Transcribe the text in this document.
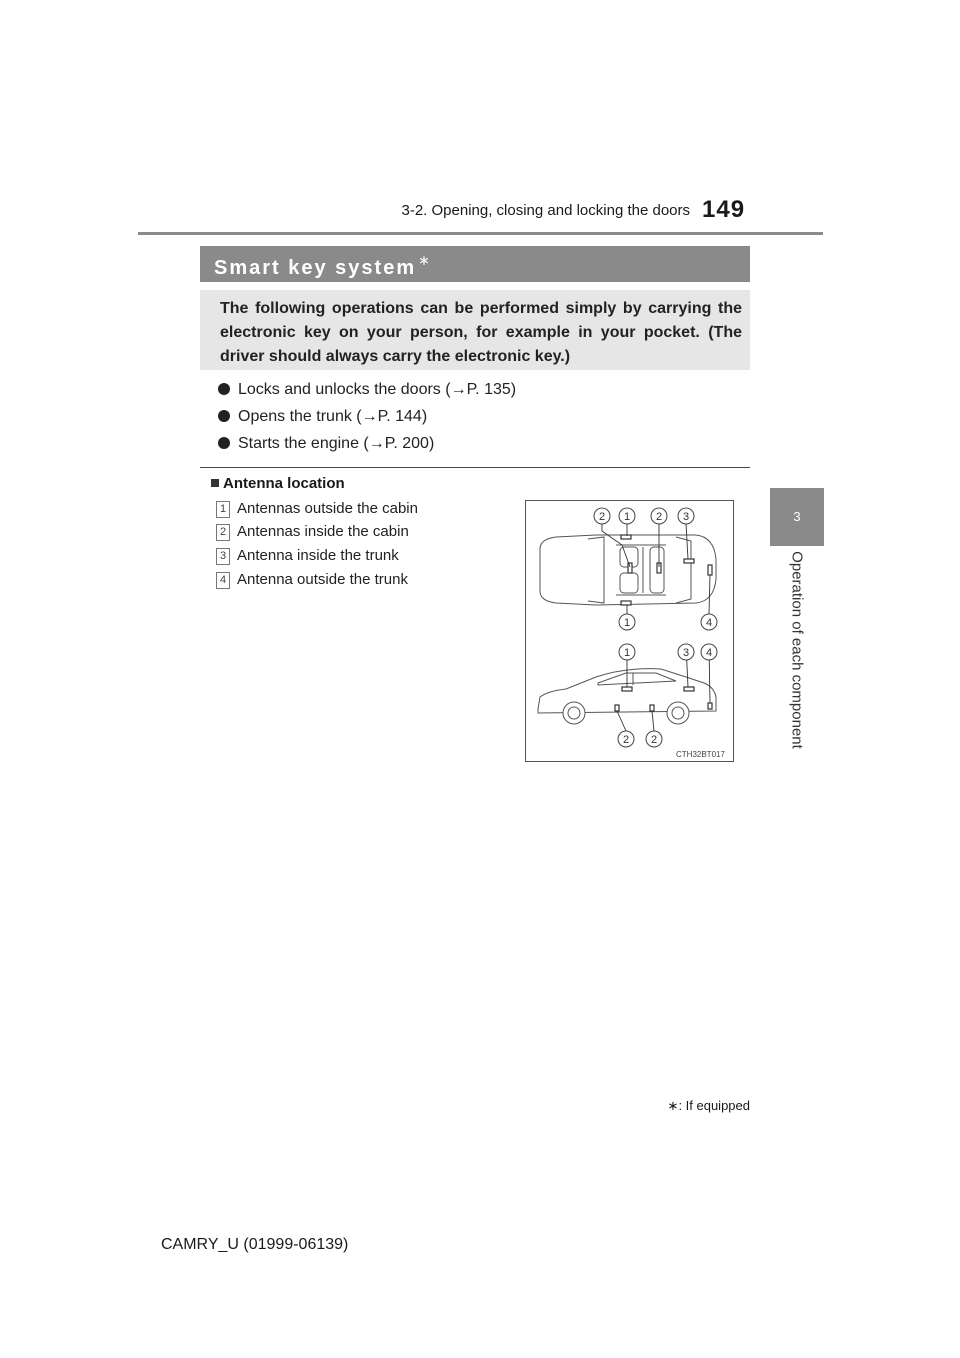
3-2. Opening, closing and locking the doors 149
3
Operation of each component
Smart key system ∗
The following operations can be performed simply by carrying the electronic key on your person, for example in your pocket. (The driver should always carry the electronic key.)
Locks and unlocks the doors (→P. 135)
Opens the trunk (→P. 144)
Starts the engine (→P. 200)
Antenna location
1 Antennas outside the cabin
2 Antennas inside the cabin
3 Antenna inside the trunk
4 Antenna outside the trunk
2 1 2 3
1	4
1	3 4
2 2
CTH32BT017
∗: If equipped
CAMRY_U (01999-06139)
